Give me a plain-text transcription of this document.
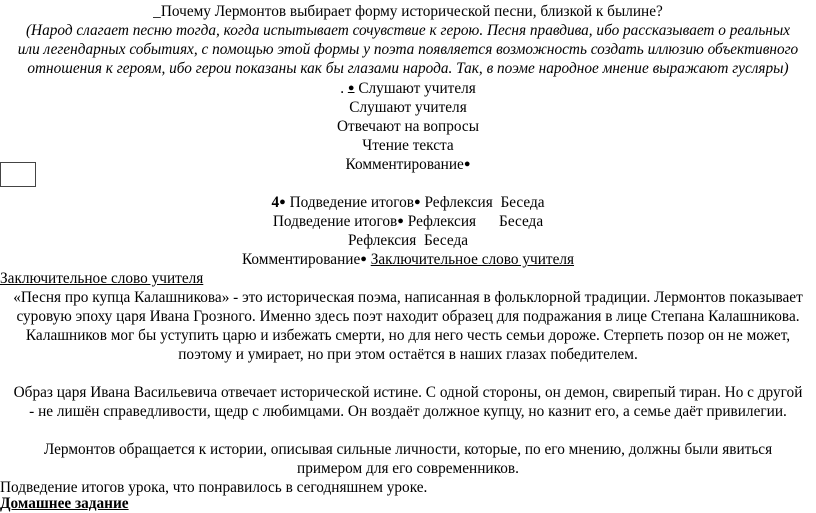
_Почему Лермонтов выбирает форму исторической песни, близкой к былине?
(Народ слагает песню тогда, когда испытывает сочувствие к герою. Песня правдива, ибо рассказывает о реальных
или легендарных событиях, с помощью этой формы у поэта появляется возможность создать иллюзию объективного
отношения к героям, ибо герои показаны как бы глазами народа. Так, в поэме народное мнение выражают гусляры)
. ● Слушают учителя
Слушают учителя
Отвечают на вопросы
Чтение текста
Комментирование●
4● Подведение итогов● Рефлексия Беседа
Подведение итогов● Рефлексия Беседа
Рефлексия Беседа
Комментирование● Заключительное слово учителя
Заключительное слово учителя
«Песня про купца Калашникова» - это историческая поэма, написанная в фольклорной традиции. Лермонтов показывает
суровую эпоху царя Ивана Грозного. Именно здесь поэт находит образец для подражания в лице Степана Калашникова.
Калашников мог бы уступить царю и избежать смерти, но для него честь семьи дороже. Стерпеть позор он не может,
поэтому и умирает, но при этом остаётся в наших глазах победителем.
Образ царя Ивана Васильевича отвечает исторической истине. С одной стороны, он демон, свирепый тиран. Но с другой
- не лишён справедливости, щедр с любимцами. Он воздаёт должное купцу, но казнит его, а семье даёт привилегии.
Лермонтов обращается к истории, описывая сильные личности, которые, по его мнению, должны были явиться
примером для его современников.
Подведение итогов урока, что понравилось в сегодняшнем уроке.
Домашнее задание
